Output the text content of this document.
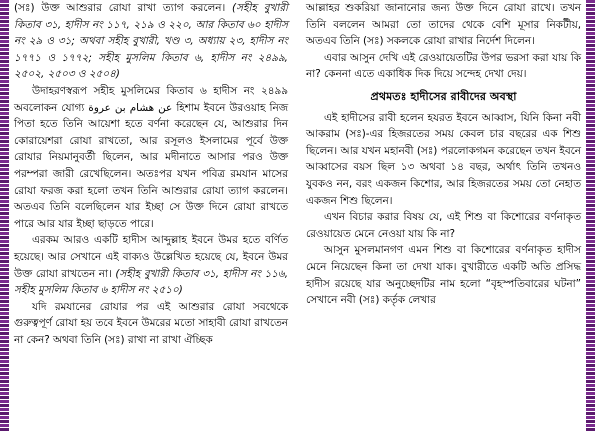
(সঃ) উক্ত আশুরার রোযা রাখা ত্যাগ করলেন। (সহীহ বুখারী কিতাব ৩১, হাদীস নং ১১৭, ২১৯ ও ২২০, আর কিতাব ৬০ হাদীস নং ২৯ ও ৩১; অথবা সহীহ বুখারী, খণ্ড ৩, অধ্যায় ২৩, হাদীস নং ১৭৭১ ও ১৭৭২; সহীহ মুসলিম কিতাব ৬, হাদীস নং ২৪৯৯, ২৫০২, ২৫০৩ ও ২৫০৪)

উদাহরণস্বরূপ সহীহ মুসলিমের কিতাব ৬ হাদীস নং ২৪৯৯ অবলোকন যোগ্য عن هشام بن عروة হিশাম ইবনে উরওয়াহ নিজ পিতা হতে তিনি আয়েশা হতে বর্ণনা করেছেন যে, আশুরার দিন কোরায়েশরা রোযা রাখতো, আর রসূলও ইসলামের পূর্বে উক্ত রোযার নিয়মানুবর্তী ছিলেন, আর মদীনাতে আসার পরও উক্ত পরম্পরা জারী রেখেছিলেন। অতঃপর যখন পবিত্র রমযান মাসের রোযা ফরজ করা হলো তখন তিনি আশুরার রোযা ত্যাগ করলেন। অতএব তিনি বলেছিলেন যার ইচ্ছা সে উক্ত দিনে রোযা রাখতে পারে আর যার ইচ্ছা ছাড়তে পারে।

এরকম আরও একটি হাদীস আব্দুল্লাহ ইবনে উমর হতে বর্ণিত হয়েছে। আর সেখানে এই বাক্যও উল্লেখিত হয়েছে যে, ইবনে উমর উক্ত রোযা রাখতেন না। (সহীহ বুখারী কিতাব ৩১, হাদীস নং ১১৬, সহীহ মুসলিম কিতাব ৬ হাদীস নং ২৫১০)

যদি রমযানের রোযার পর এই আশুরার রোযা সবথেকে গুরুত্বপূর্ণ রোযা হয় তবে ইবনে উমরের মতো সাহাবী রোযা রাখতেন না কেন? অথবা তিনি (সঃ) রাখা না রাখা ঐচ্ছিক

আল্লাহর শুকরিয়া জানানোর জন্য উক্ত দিনে রোযা রাখে। তখন তিনি বললেন আমরা তো তাদের থেকে বেশি মূসার নিকটীয়, অতএব তিনি (সঃ) সকলকে রোযা রাখার নির্দেশ দিলেন।

এবার আসুন দেখি এই রেওয়ায়েতটির উপর ভরসা করা যায় কি না? কেননা এতে একাধিক দিক দিয়ে সন্দেহ দেখা দেয়।

প্রথমতঃ হাদীসের রাবীদের অবস্থা

এই হাদীসের রাবী হলেন হযরত ইবনে আব্বাস, যিনি কিনা নবী আকরাম (সঃ)-এর হিজরতের সময় কেবল চার বছরের এক শিশু ছিলেন। আর যখন মহানবী (সঃ) পরলোকগমন করেছেন তখন ইবনে আব্বাসের বয়স ছিল ১৩ অথবা ১৪ বছর, অর্থাৎ তিনি তখনও যুবকও নন, বরং একজন কিশোর, আর হিজরতের সময় তো নেহাত একজন শিশু ছিলেন।

এখন বিচার করার বিষয় যে, এই শিশু বা কিশোরের বর্ণনাকৃত রেওয়ায়েত মেনে নেওয়া যায় কি না?

আসুন মুসলমানগণ এমন শিশু বা কিশোরের বর্ণনাকৃত হাদীস মেনে নিয়েছেন কিনা তা দেখা যাক। বুখারীতে একটি অতি প্রসিদ্ধ হাদীস রয়েছে যার অনুচ্ছেদটির নাম হলো “বৃহস্পতিবারের ঘটনা” সেখানে নবী (সঃ) কর্তৃক লেখার
